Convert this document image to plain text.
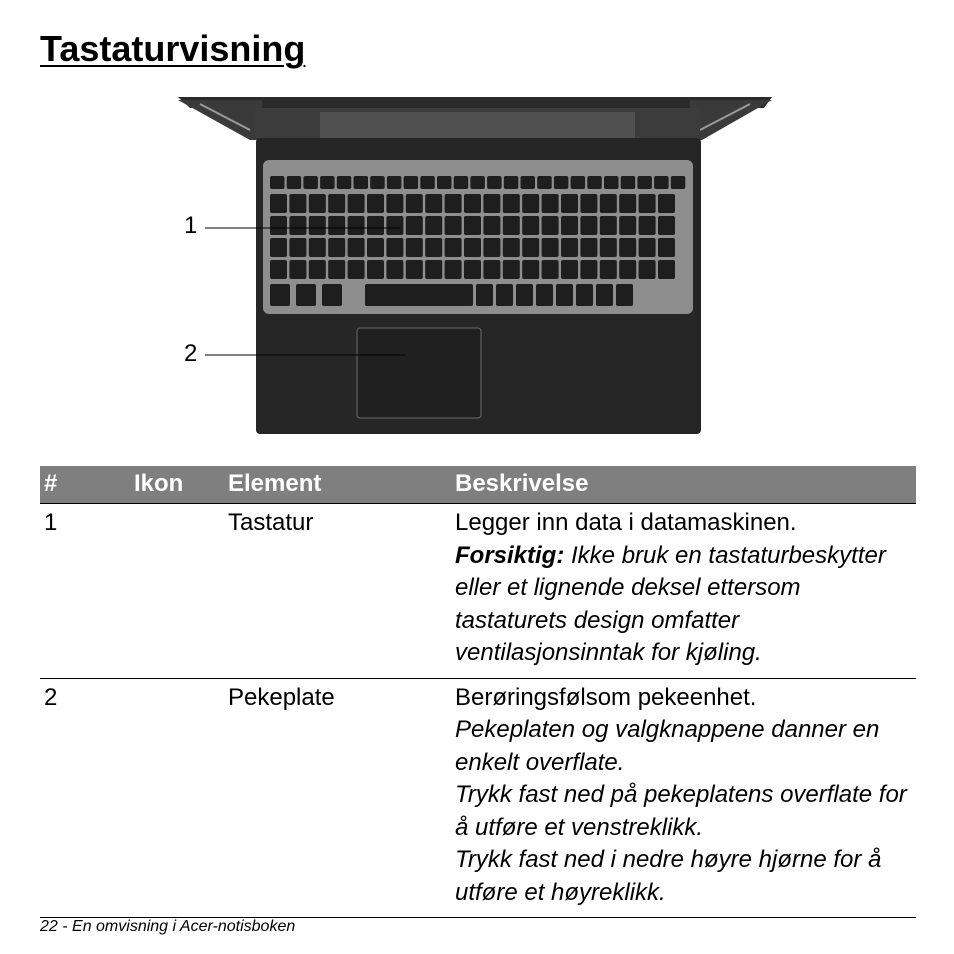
Tastaturvisning
1
2
#	Ikon	Element	Beskrivelse
1		Tastatur	Legger inn data i datamaskinen.
Forsiktig: Ikke bruk en tastaturbeskytter eller et lignende deksel ettersom tastaturets design omfatter ventilasjonsinntak for kjøling.

2		Pekeplate	Berøringsfølsom pekeenhet.
Pekeplaten og valgknappene danner en enkelt overflate.
Trykk fast ned på pekeplatens overflate for å utføre et venstreklikk.
Trykk fast ned i nedre høyre hjørne for å utføre et høyreklikk.
22 - En omvisning i Acer-notisboken
